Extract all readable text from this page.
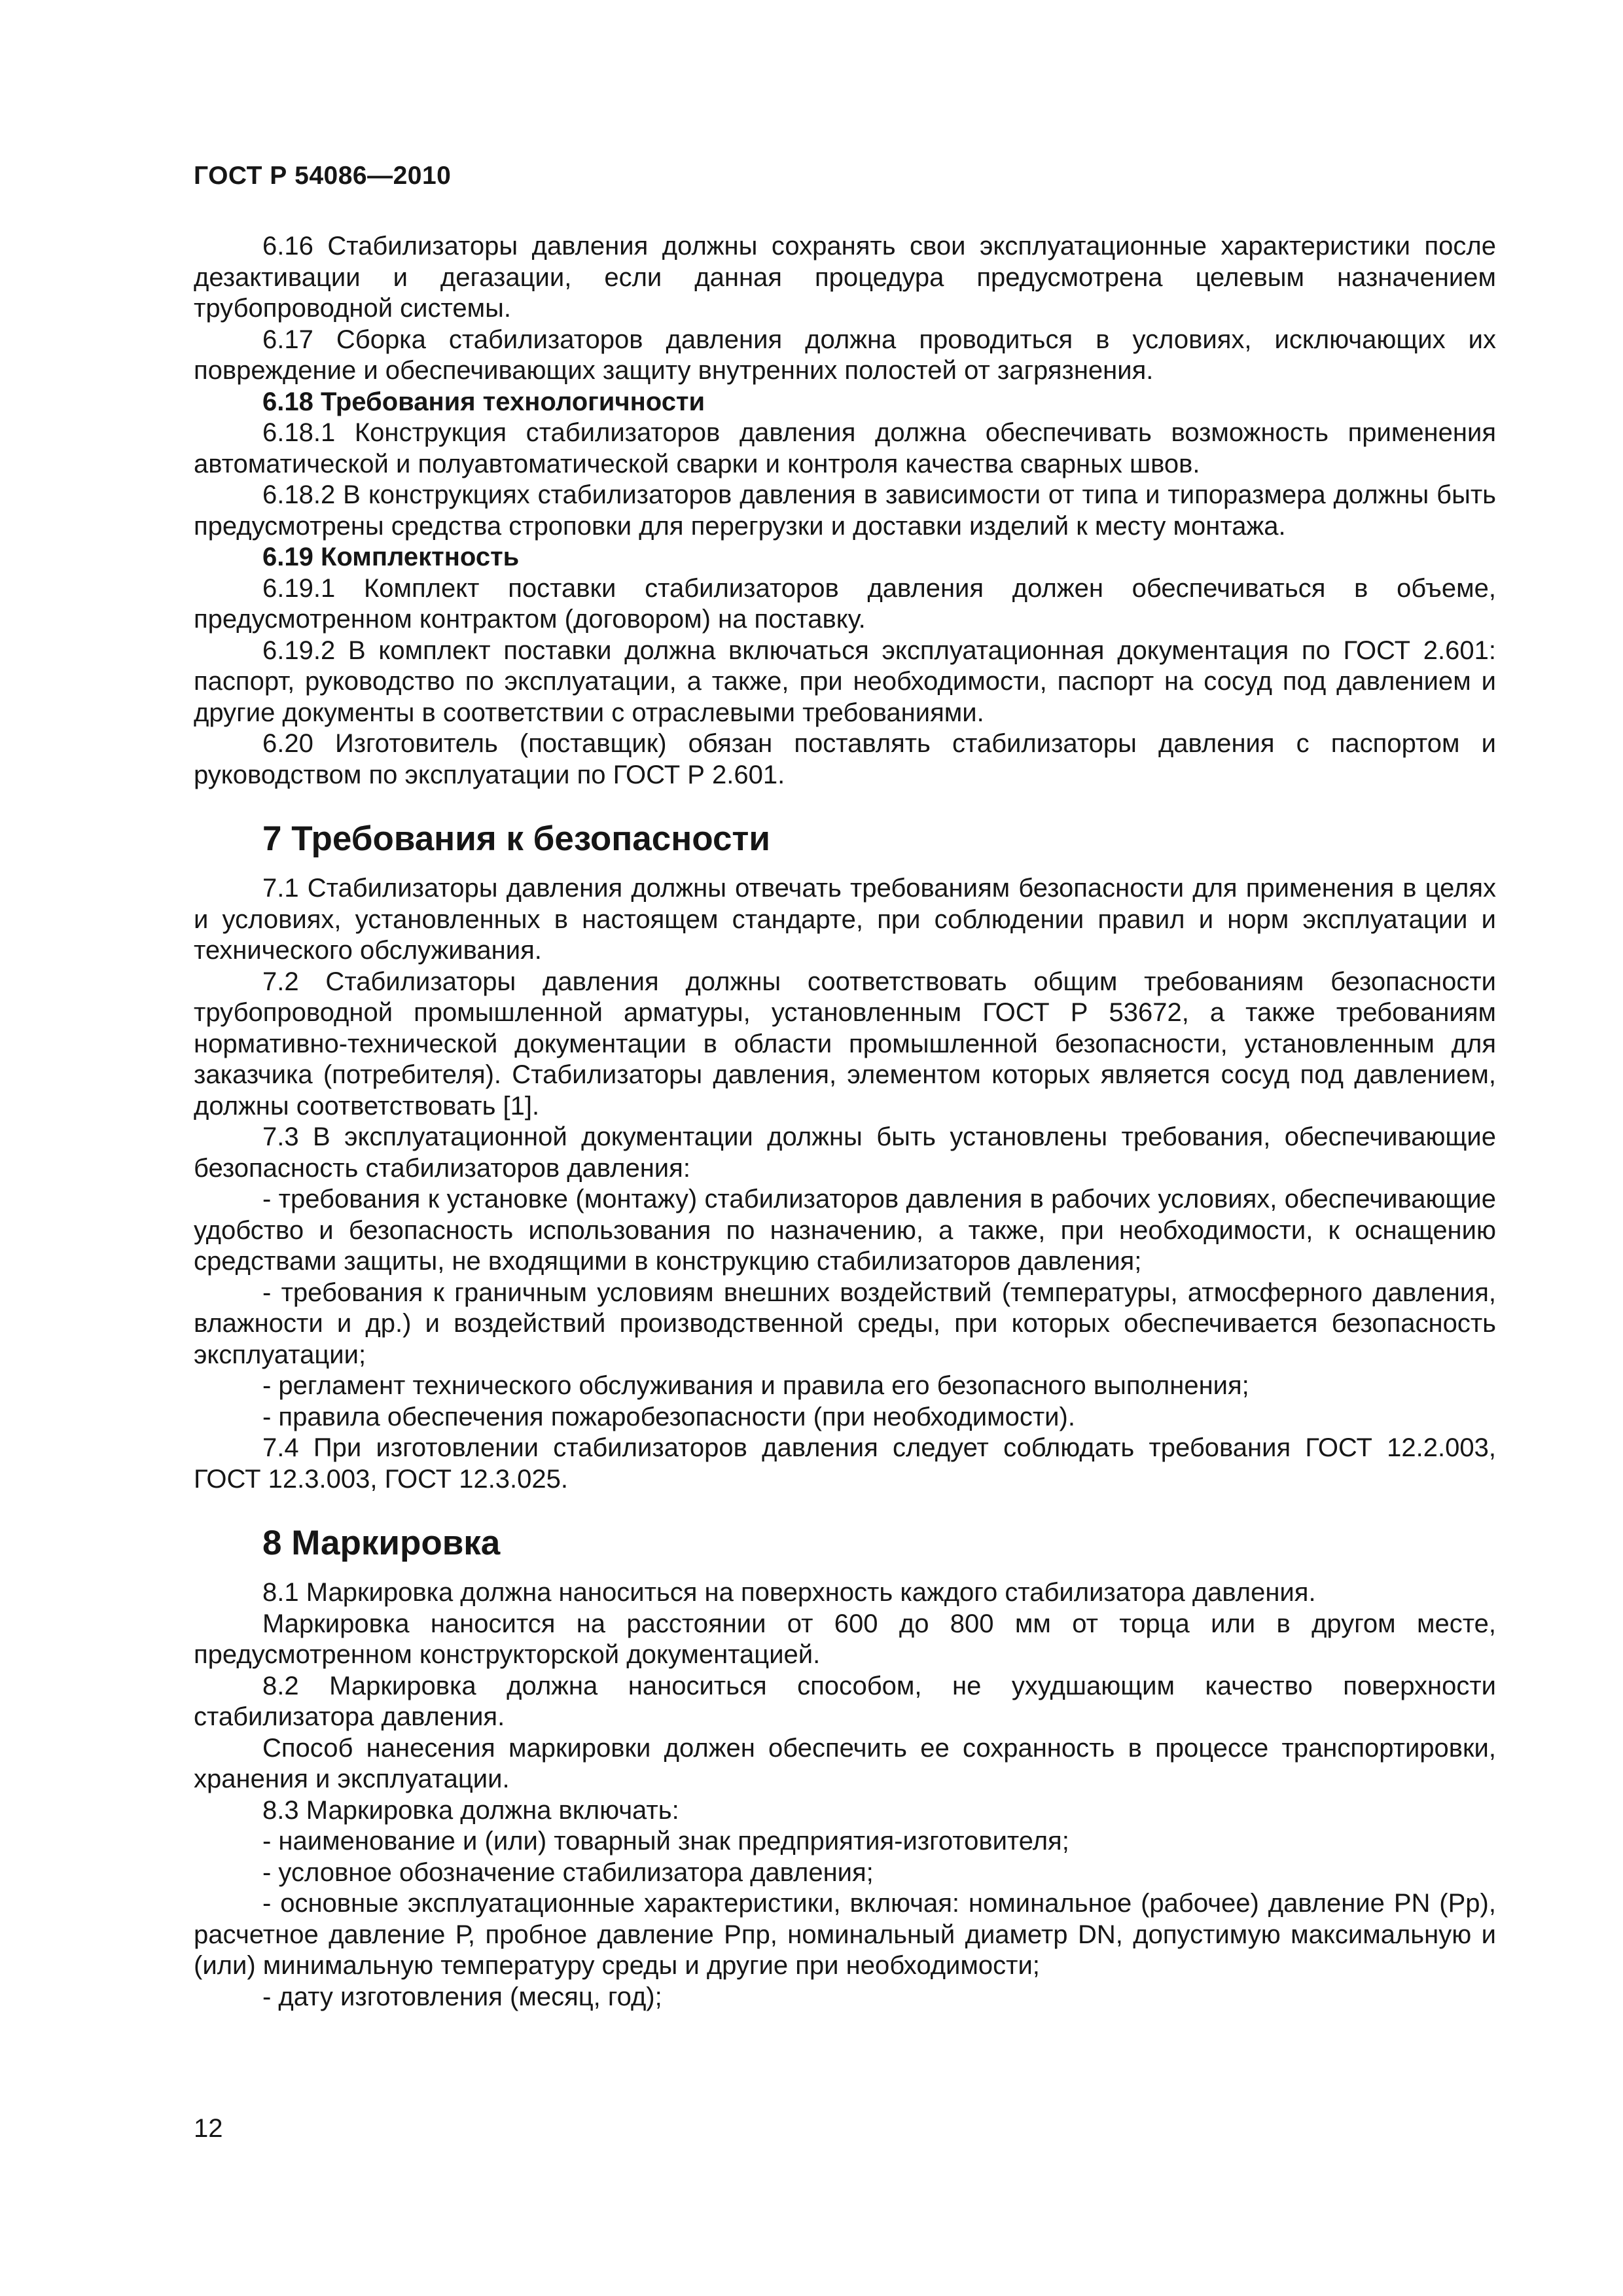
ГОСТ Р 54086—2010

6.16 Стабилизаторы давления должны сохранять свои эксплуатационные характеристики после дезактивации и дегазации, если данная процедура предусмотрена целевым назначением трубопроводной системы.

6.17 Сборка стабилизаторов давления должна проводиться в условиях, исключающих их повреждение и обеспечивающих защиту внутренних полостей от загрязнения.

6.18 Требования технологичности

6.18.1 Конструкция стабилизаторов давления должна обеспечивать возможность применения автоматической и полуавтоматической сварки и контроля качества сварных швов.

6.18.2 В конструкциях стабилизаторов давления в зависимости от типа и типоразмера должны быть предусмотрены средства строповки для перегрузки и доставки изделий к месту монтажа.

6.19 Комплектность

6.19.1 Комплект поставки стабилизаторов давления должен обеспечиваться в объеме, предусмотренном контрактом (договором) на поставку.

6.19.2 В комплект поставки должна включаться эксплуатационная документация по ГОСТ 2.601: паспорт, руководство по эксплуатации, а также, при необходимости, паспорт на сосуд под давлением и другие документы в соответствии с отраслевыми требованиями.

6.20 Изготовитель (поставщик) обязан поставлять стабилизаторы давления с паспортом и руководством по эксплуатации по ГОСТ Р 2.601.

7 Требования к безопасности

7.1 Стабилизаторы давления должны отвечать требованиям безопасности для применения в целях и условиях, установленных в настоящем стандарте, при соблюдении правил и норм эксплуатации и технического обслуживания.

7.2 Стабилизаторы давления должны соответствовать общим требованиям безопасности трубопроводной промышленной арматуры, установленным ГОСТ Р 53672, а также требованиям нормативно-технической документации в области промышленной безопасности, установленным для заказчика (потребителя). Стабилизаторы давления, элементом которых является сосуд под давлением, должны соответствовать [1].

7.3 В эксплуатационной документации должны быть установлены требования, обеспечивающие безопасность стабилизаторов давления:

- требования к установке (монтажу) стабилизаторов давления в рабочих условиях, обеспечивающие удобство и безопасность использования по назначению, а также, при необходимости, к оснащению средствами защиты, не входящими в конструкцию стабилизаторов давления;

- требования к граничным условиям внешних воздействий (температуры, атмосферного давления, влажности и др.) и воздействий производственной среды, при которых обеспечивается безопасность эксплуатации;

- регламент технического обслуживания и правила его безопасного выполнения;

- правила обеспечения пожаробезопасности (при необходимости).

7.4 При изготовлении стабилизаторов давления следует соблюдать требования ГОСТ 12.2.003, ГОСТ 12.3.003, ГОСТ 12.3.025.

8 Маркировка

8.1 Маркировка должна наноситься на поверхность каждого стабилизатора давления.

Маркировка наносится на расстоянии от 600 до 800 мм от торца или в другом месте, предусмотренном конструкторской документацией.

8.2 Маркировка должна наноситься способом, не ухудшающим качество поверхности стабилизатора давления.

Способ нанесения маркировки должен обеспечить ее сохранность в процессе транспортировки, хранения и эксплуатации.

8.3 Маркировка должна включать:

- наименование и (или) товарный знак предприятия-изготовителя;

- условное обозначение стабилизатора давления;

- основные эксплуатационные характеристики, включая: номинальное (рабочее) давление PN (Рр), расчетное давление Р, пробное давление Рпр, номинальный диаметр DN, допустимую максимальную и (или) минимальную температуру среды и другие при необходимости;

- дату изготовления (месяц, год);

12
